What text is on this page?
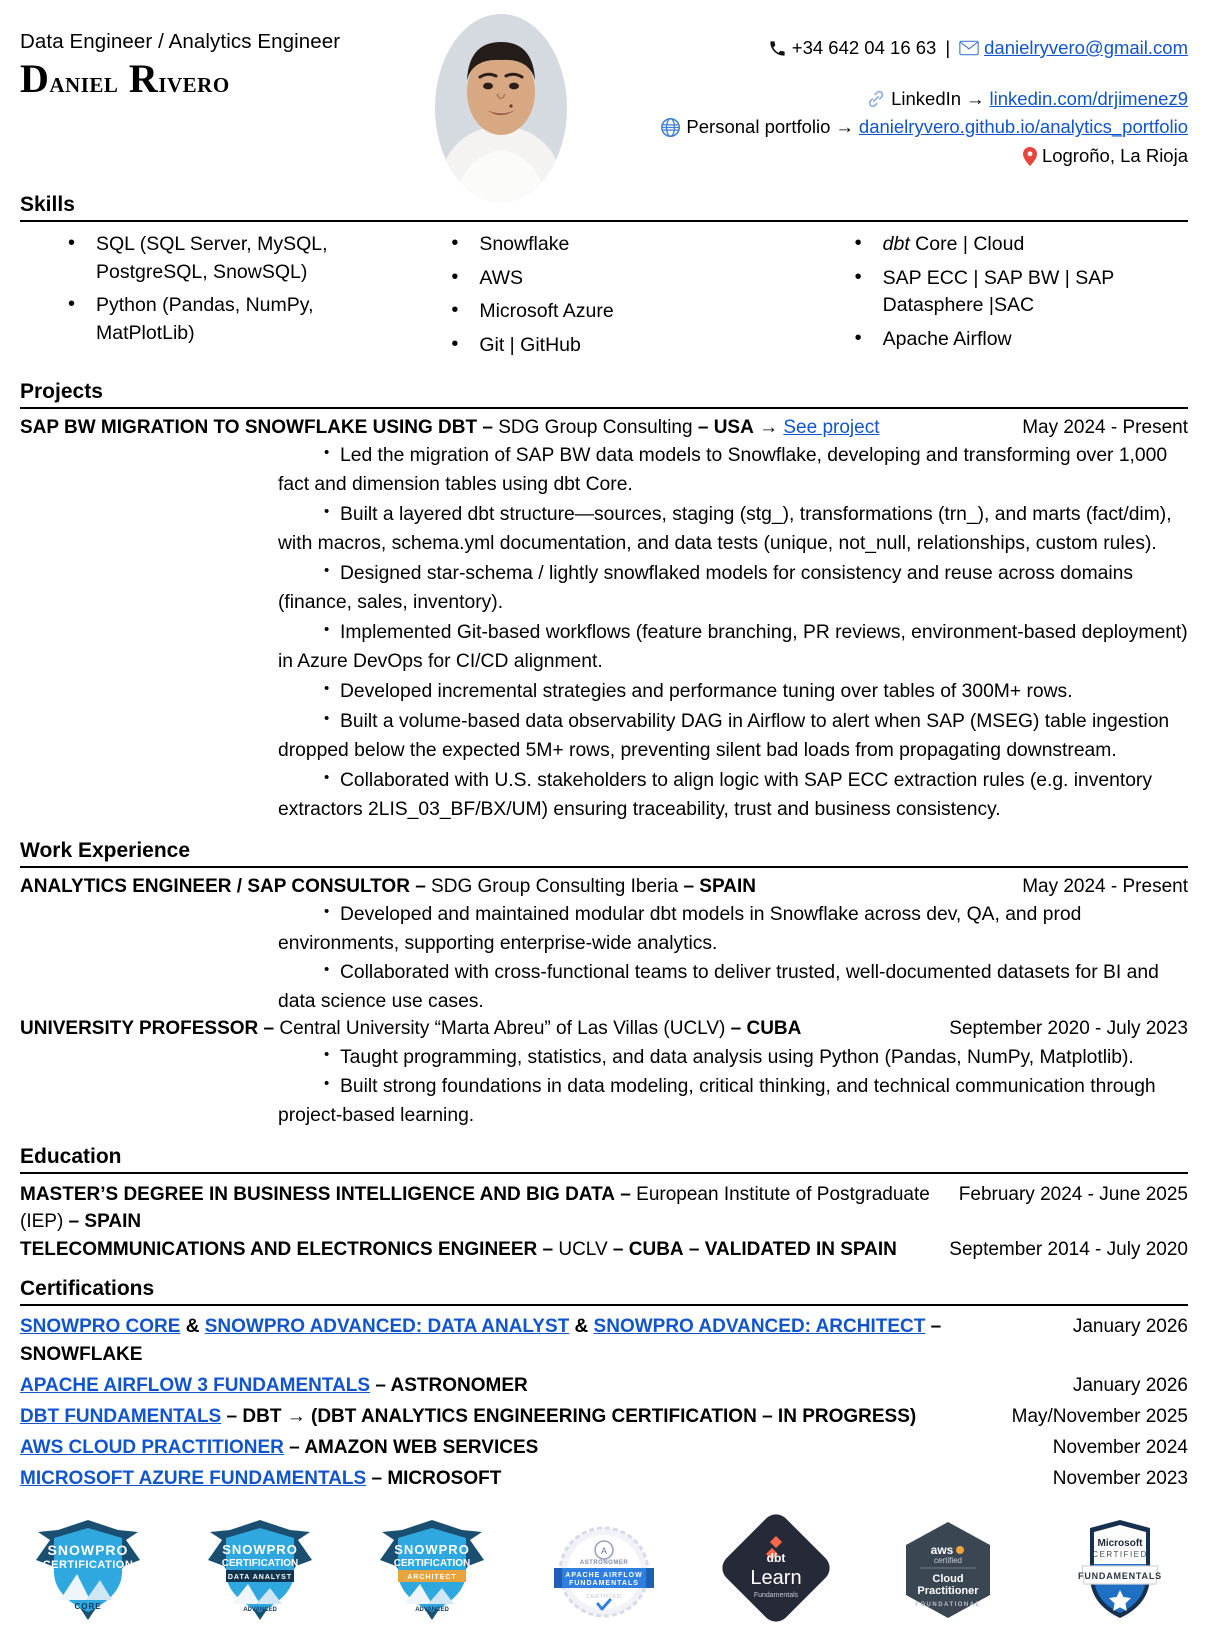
Data Engineer / Analytics Engineer
Daniel Rivero
+34 642 04 16 63 | danielryvero@gmail.com
LinkedIn → linkedin.com/drjimenez9
Personal portfolio → danielryvero.github.io/analytics_portfolio
Logroño, La Rioja
Skills
• SQL (SQL Server, MySQL, PostgreSQL, SnowSQL)
• Python (Pandas, NumPy, MatPlotLib)
• Snowflake
• AWS
• Microsoft Azure
• Git | GitHub
• dbt Core | Cloud
• SAP ECC | SAP BW | SAP Datasphere |SAC
• Apache Airflow
Projects
SAP BW MIGRATION TO SNOWFLAKE USING DBT – SDG Group Consulting – USA → See project	May 2024 - Present

• Led the migration of SAP BW data models to Snowflake, developing and transforming over 1,000 fact and dimension tables using dbt Core.

• Built a layered dbt structure—sources, staging (stg_), transformations (trn_), and marts (fact/dim), with macros, schema.yml documentation, and data tests (unique, not_null, relationships, custom rules).

• Designed star-schema / lightly snowflaked models for consistency and reuse across domains (finance, sales, inventory).

• Implemented Git-based workflows (feature branching, PR reviews, environment-based deployment) in Azure DevOps for CI/CD alignment.

• Developed incremental strategies and performance tuning over tables of 300M+ rows.

• Built a volume-based data observability DAG in Airflow to alert when SAP (MSEG) table ingestion dropped below the expected 5M+ rows, preventing silent bad loads from propagating downstream.

• Collaborated with U.S. stakeholders to align logic with SAP ECC extraction rules (e.g. inventory extractors 2LIS_03_BF/BX/UM) ensuring traceability, trust and business consistency.

Work Experience
ANALYTICS ENGINEER / SAP CONSULTOR – SDG Group Consulting Iberia – SPAIN	May 2024 - Present

• Developed and maintained modular dbt models in Snowflake across dev, QA, and prod environments, supporting enterprise-wide analytics.

• Collaborated with cross-functional teams to deliver trusted, well-documented datasets for BI and data science use cases.

UNIVERSITY PROFESSOR – Central University “Marta Abreu” of Las Villas (UCLV) – CUBA	September 2020 - July 2023

• Taught programming, statistics, and data analysis using Python (Pandas, NumPy, Matplotlib).

• Built strong foundations in data modeling, critical thinking, and technical communication through project-based learning.

Education
MASTER’S DEGREE IN BUSINESS INTELLIGENCE AND BIG DATA – European Institute of Postgraduate (IEP) – SPAIN
February 2024 - June 2025
TELECOMMUNICATIONS AND ELECTRONICS ENGINEER – UCLV – CUBA – VALIDATED IN SPAIN	September 2014 - July 2020
Certifications
SNOWPRO CORE & SNOWPRO ADVANCED: DATA ANALYST & SNOWPRO ADVANCED: ARCHITECT – SNOWFLAKE
January 2026
APACHE AIRFLOW 3 FUNDAMENTALS – ASTRONOMER	January 2026
DBT FUNDAMENTALS – DBT → (DBT ANALYTICS ENGINEERING CERTIFICATION – IN PROGRESS)	May/November 2025
AWS CLOUD PRACTITIONER – AMAZON WEB SERVICES	November 2024
MICROSOFT AZURE FUNDAMENTALS – MICROSOFT	November 2023
SNOWPRO
CERTIFICATION
CORE
SNOWPRO
CERTIFICATION
DATA ANALYST
ADVANCED
SNOWPRO
CERTIFICATION
ARCHITECT
ADVANCED
A
ASTRONOMER
APACHE AIRFLOW
FUNDAMENTALS
CERTIFIED
dbt
Learn
Fundamentals
aws
certified
Cloud
Practitioner
FOUNDATIONAL
Microsoft
CERTIFIED
FUNDAMENTALS
